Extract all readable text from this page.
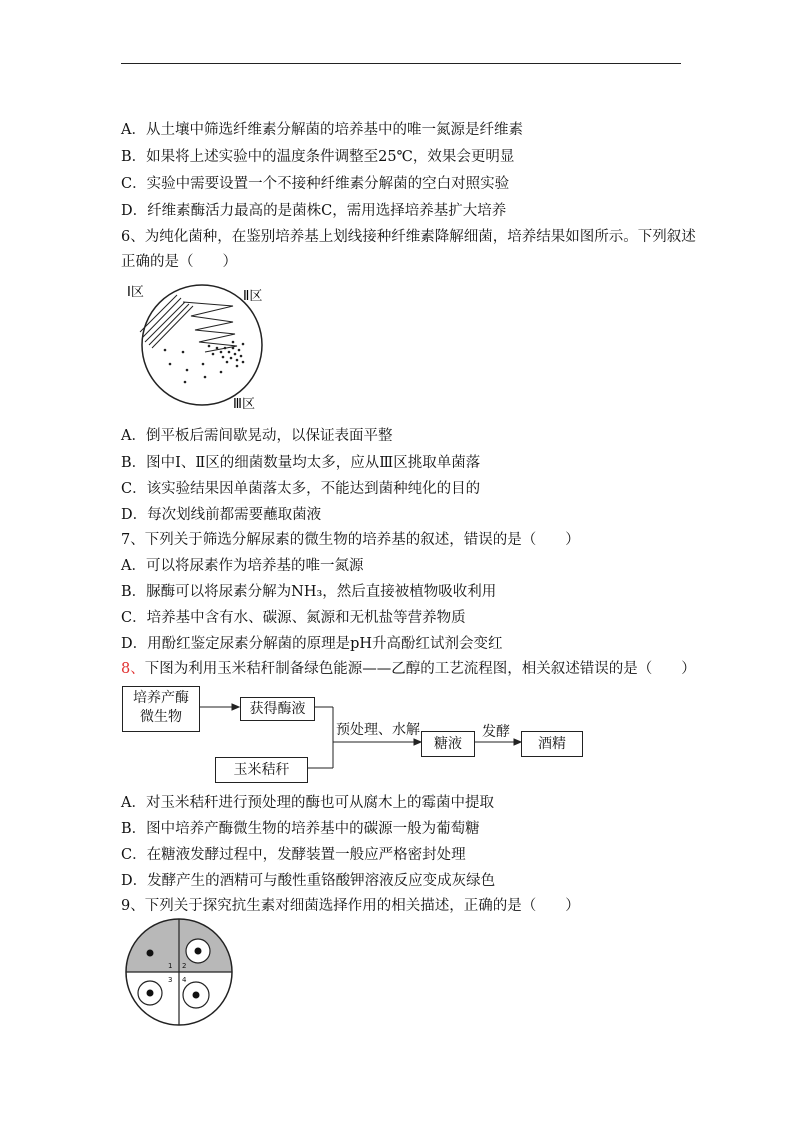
A．从土壤中筛选纤维素分解菌的培养基中的唯一氮源是纤维素
B．如果将上述实验中的温度条件调整至25℃，效果会更明显
C．实验中需要设置一个不接种纤维素分解菌的空白对照实验
D．纤维素酶活力最高的是菌株C，需用选择培养基扩大培养
6、为纯化菌种，在鉴别培养基上划线接种纤维素降解细菌，培养结果如图所示。下列叙述
正确的是（　　）
Ⅰ区	Ⅱ区
Ⅲ区
A．倒平板后需间歇晃动，以保证表面平整
B．图中Ⅰ、Ⅱ区的细菌数量均太多，应从Ⅲ区挑取单菌落
C．该实验结果因单菌落太多，不能达到菌种纯化的目的
D．每次划线前都需要蘸取菌液
7、下列关于筛选分解尿素的微生物的培养基的叙述，错误的是（　　）
A．可以将尿素作为培养基的唯一氮源
B．脲酶可以将尿素分解为NH₃，然后直接被植物吸收利用
C．培养基中含有水、碳源、氮源和无机盐等营养物质
D．用酚红鉴定尿素分解菌的原理是pH升高酚红试剂会变红
8、下图为利用玉米秸秆制备绿色能源——乙醇的工艺流程图，相关叙述错误的是（　　）
培养产酶
微生物	获得酶液
玉米秸秆
预处理、水解
糖液
发酵
酒精
A．对玉米秸秆进行预处理的酶也可从腐木上的霉菌中提取
B．图中培养产酶微生物的培养基中的碳源一般为葡萄糖
C．在糖液发酵过程中，发酵装置一般应严格密封处理
D．发酵产生的酒精可与酸性重铬酸钾溶液反应变成灰绿色
9、下列关于探究抗生素对细菌选择作用的相关描述，正确的是（　　）
1 2
3 4
